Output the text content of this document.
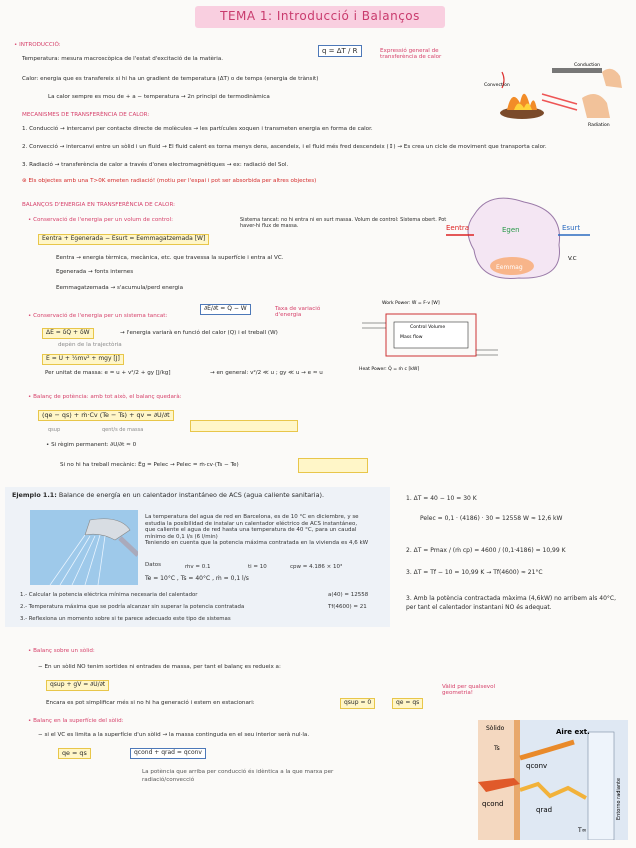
TEMA 1: Introducció i Balanços
• INTRODUCCIÓ:
Temperatura: mesura macroscòpica de l'estat d'excitació de la matèria.
q = ΔT / R	Expressió general de transferència de calor
Calor: energia que es transfereix si hi ha un gradient de temperatura (ΔT) o de temps (energia de trànsit)
La calor sempre es mou de + a − temperatura → 2n principi de termodinàmica
Conduction
Convection
Radiation
MECANISMES DE TRANSFERÈNCIA DE CALOR:
1. Conducció → intercanvi per contacte directe de molècules → les partícules xoquen i transmeten energia en forma de calor.
2. Convecció → intercanvi entre un sòlid i un fluid → El fluid calent es torna menys dens, ascendeix, i el fluid més fred descendeix (↕) → Es crea un cicle de moviment que transporta calor.
3. Radiació → transferència de calor a través d'ones electromagnètiques → ex: radiació del Sol.
⊛ Els objectes amb una T>0K emeten radiació! (motiu per l'espai i pot ser absorbida per altres objectes)
BALANÇOS D'ENERGIA EN TRANSFERÈNCIA DE CALOR:
• Conservació de l'energia per un volum de control:	Sistema tancat: no hi entra ni en surt massa. Volum de control: Sistema obert. Pot haver-hi flux de massa.
Eentra + Egenerada − Esurt = Eemmagatzemada [W]
Eentra → energia tèrmica, mecànica, etc. que travessa la superfície i entra al VC.
Egenerada → fonts internes
Eemmagatzemada → s'acumula/perd energia
Eentra	Egen	Esurt
Eemmag
V.C
• Conservació de l'energia per un sistema tancat:
∂E/∂t = Q − W	Taxa de variació d'energia
ΔE = δQ + δW	→ l'energia variarà en funció del calor (Q) i el treball (W)
depèn de la trajectòria
E = U + ½mv² + mgy [J]
Per unitat de massa: e = u + v²/2 + gy [J/kg]	→ en general: v²/2 ≪ u ; gy ≪ u → e ≈ u
Work Power: Ẇ = F·v [W]
Control Volume
Mass flow
Heat Power: Q̇ = ṁ c [kW]
• Balanç de potència: amb tot això, el balanç quedarà:
(qe − qs) + ṁ·Cv (Te − Ts) + qv = ∂U/∂t
qsup	qent/s de massa
• Si règim permanent: ∂U/∂t ≈ 0
Si no hi ha treball mecànic: Ėg = Pelec → Pelec = ṁ·cv·(Ts − Te)
Ejemplo 1.1: Balance de energía en un calentador instantáneo de ACS (agua caliente sanitaria).
La temperatura del agua de red en Barcelona, es de 10 °C en diciembre, y se
estudia la posibilidad de instalar un calentador eléctrico de ACS instantáneo,
que caliente el agua de red hasta una temperatura de 40 °C, para un caudal
mínimo de 0,1 l/s (6 l/min)
Teniendo en cuenta que la potencia máxima contratada en la vivienda es 4,6 kW
Datos	ṁv = 0.1	ti = 10	cpw = 4.186 × 10³
Te = 10°C , Ts = 40°C , ṁ = 0,1 l/s
1.- Calcular la potencia eléctrica mínima necesaria del calentador
2.- Temperatura máxima que se podría alcanzar sin superar la potencia contratada
3.- Reflexiona un momento sobre si te parece adecuado este tipo de sistemas
a(40) = 12558
Tf(4600) = 21
1. ΔT = 40 − 10 = 30 K
Pelec = 0,1 · (4186) · 30 = 12558 W ≈ 12,6 kW
2. ΔT = Pmax / (ṁ cp) = 4600 / (0,1·4186) = 10,99 K
3. ΔT = Tf − 10 = 10,99 K → Tf(4600) ≈ 21°C
3. Amb la potència contractada màxima (4,6kW) no arribem als 40°C, per tant el calentador instantani NO és adequat.
• Balanç sobre un sòlid:
− En un sòlid NO tenim sortides ni entrades de massa, per tant el balanç es redueix a:
qsup + gV = ∂U/∂t
Encara es pot simplificar més si no hi ha generació i estem en estacionari:	qsup = 0	qe = qs
Vàlid per qualsevol geometria!
• Balanç en la superfície del sòlid:
− si el VC es limita a la superfície d'un sòlid → la massa continguda en el seu interior serà nul·la.
qe = qs	qcond + qrad = qconv
La potència que arriba per conducció és idèntica a la que marxa per radiació/convecció
Sòlido	Aire ext.
Entorno radiante
qconv
qcond
qrad
Ts
T∞
